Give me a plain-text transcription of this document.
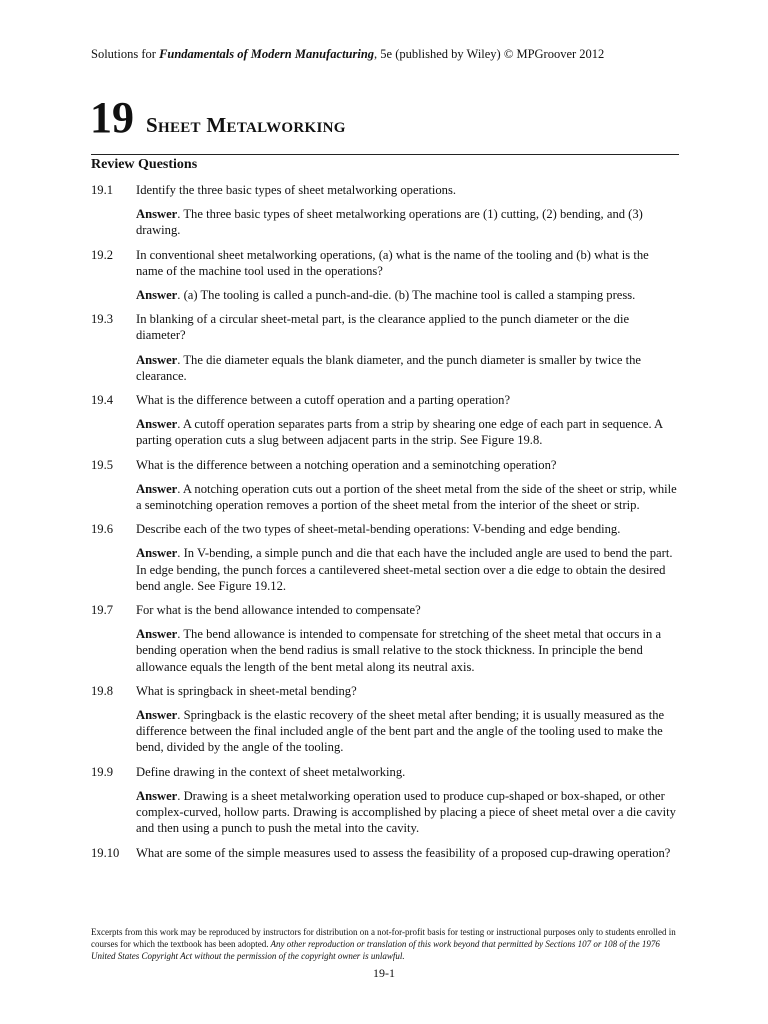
Solutions for Fundamentals of Modern Manufacturing, 5e (published by Wiley) © MPGroover 2012
19 Sheet Metalworking
Review Questions
19.1	Identify the three basic types of sheet metalworking operations.
Answer. The three basic types of sheet metalworking operations are (1) cutting, (2) bending, and (3) drawing.
19.2	In conventional sheet metalworking operations, (a) what is the name of the tooling and (b) what is the name of the machine tool used in the operations?
Answer. (a) The tooling is called a punch-and-die. (b) The machine tool is called a stamping press.
19.3	In blanking of a circular sheet-metal part, is the clearance applied to the punch diameter or the die diameter?
Answer. The die diameter equals the blank diameter, and the punch diameter is smaller by twice the clearance.
19.4	What is the difference between a cutoff operation and a parting operation?
Answer. A cutoff operation separates parts from a strip by shearing one edge of each part in sequence. A parting operation cuts a slug between adjacent parts in the strip. See Figure 19.8.
19.5	What is the difference between a notching operation and a seminotching operation?
Answer. A notching operation cuts out a portion of the sheet metal from the side of the sheet or strip, while a seminotching operation removes a portion of the sheet metal from the interior of the sheet or strip.
19.6	Describe each of the two types of sheet-metal-bending operations: V-bending and edge bending.
Answer. In V-bending, a simple punch and die that each have the included angle are used to bend the part. In edge bending, the punch forces a cantilevered sheet-metal section over a die edge to obtain the desired bend angle. See Figure 19.12.
19.7	For what is the bend allowance intended to compensate?
Answer. The bend allowance is intended to compensate for stretching of the sheet metal that occurs in a bending operation when the bend radius is small relative to the stock thickness. In principle the bend allowance equals the length of the bent metal along its neutral axis.
19.8	What is springback in sheet-metal bending?
Answer. Springback is the elastic recovery of the sheet metal after bending; it is usually measured as the difference between the final included angle of the bent part and the angle of the tooling used to make the bend, divided by the angle of the tooling.
19.9	Define drawing in the context of sheet metalworking.
Answer. Drawing is a sheet metalworking operation used to produce cup-shaped or box-shaped, or other complex-curved, hollow parts. Drawing is accomplished by placing a piece of sheet metal over a die cavity and then using a punch to push the metal into the cavity.
19.10	What are some of the simple measures used to assess the feasibility of a proposed cup-drawing operation?
Excerpts from this work may be reproduced by instructors for distribution on a not-for-profit basis for testing or instructional purposes only to students enrolled in courses for which the textbook has been adopted. Any other reproduction or translation of this work beyond that permitted by Sections 107 or 108 of the 1976 United States Copyright Act without the permission of the copyright owner is unlawful.
19-1
